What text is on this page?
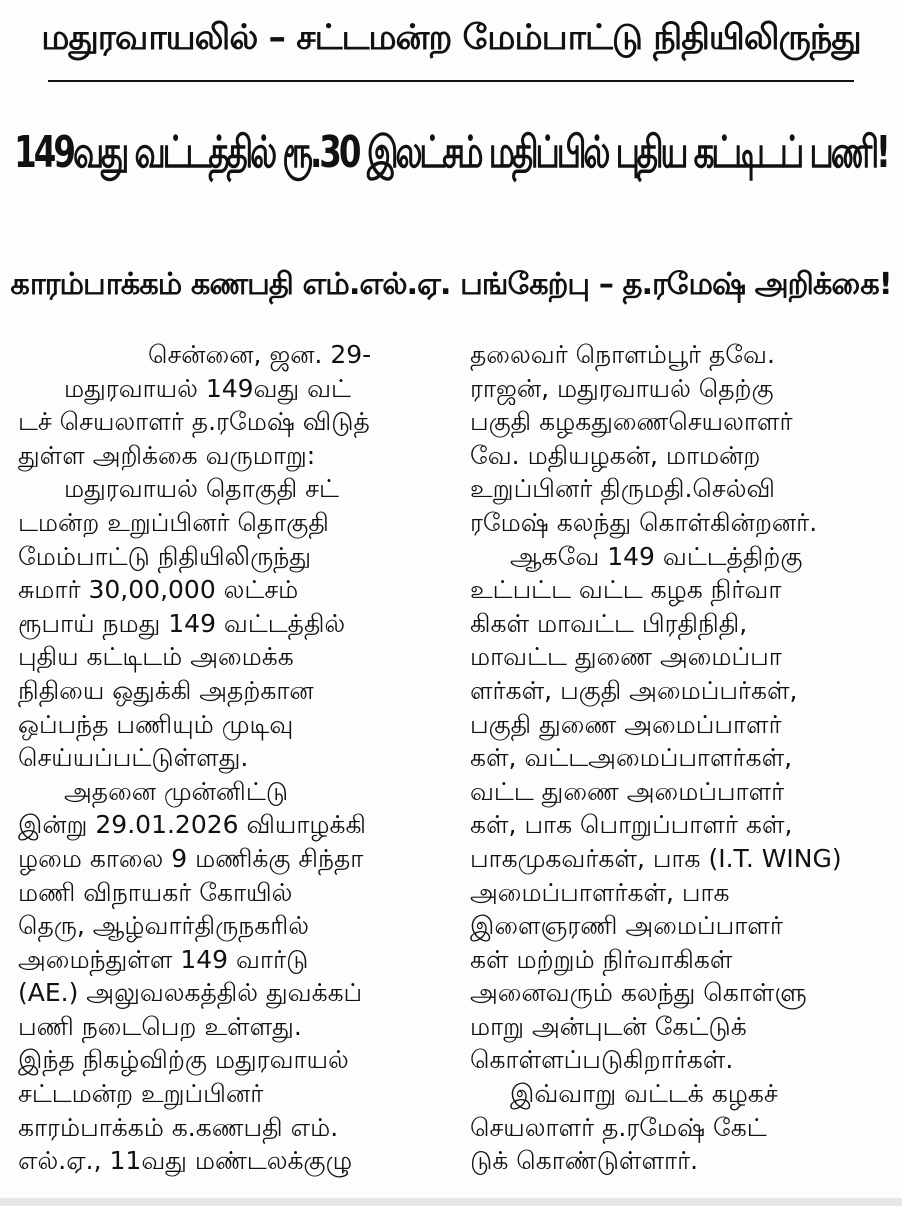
மதுரவாயலில் – சட்டமன்ற மேம்பாட்டு நிதியிலிருந்து
149வது வட்டத்தில் ரூ.30 இலட்சம் மதிப்பில் புதிய கட்டிடப் பணி!
காரம்பாக்கம் கணபதி எம்.எல்.ஏ. பங்கேற்பு – த.ரமேஷ் அறிக்கை!
சென்னை, ஜன. 29-
மதுரவாயல் 149வது வட்
டச் செயலாளர் த.ரமேஷ் விடுத்
துள்ள அறிக்கை வருமாறு:
மதுரவாயல் தொகுதி சட்
டமன்ற உறுப்பினர் தொகுதி
மேம்பாட்டு நிதியிலிருந்து
சுமார் 30,00,000 லட்சம்
ரூபாய் நமது 149 வட்டத்தில்
புதிய கட்டிடம் அமைக்க
நிதியை ஒதுக்கி அதற்கான
ஒப்பந்த பணியும் முடிவு
செய்யப்பட்டுள்ளது.
அதனை முன்னிட்டு
இன்று 29.01.2026 வியாழக்கி
ழமை காலை 9 மணிக்கு சிந்தா
மணி விநாயகர் கோயில்
தெரு, ஆழ்வார்திருநகரில்
அமைந்துள்ள 149 வார்டு
(AE.) அலுவலகத்தில் துவக்கப்
பணி நடைபெற உள்ளது.
இந்த நிகழ்விற்கு மதுரவாயல்
சட்டமன்ற உறுப்பினர்
காரம்பாக்கம் க.கணபதி எம்.
எல்.ஏ., 11வது மண்டலக்குழு
தலைவர் நொளம்பூர் தவே.
ராஜன், மதுரவாயல் தெற்கு
பகுதி கழகதுணைசெயலாளர்
வே. மதியழகன், மாமன்ற
உறுப்பினர் திருமதி.செல்வி
ரமேஷ் கலந்து கொள்கின்றனர்.
ஆகவே 149 வட்டத்திற்கு
உட்பட்ட வட்ட கழக நிர்வா
கிகள் மாவட்ட பிரதிநிதி,
மாவட்ட துணை அமைப்பா
ளர்கள், பகுதி அமைப்பர்கள்,
பகுதி துணை அமைப்பாளர்
கள், வட்டஅமைப்பாளர்கள்,
வட்ட துணை அமைப்பாளர்
கள், பாக பொறுப்பாளர் கள்,
பாகமுகவர்கள், பாக (I.T. WING)
அமைப்பாளர்கள், பாக
இளைஞரணி அமைப்பாளர்
கள் மற்றும் நிர்வாகிகள்
அனைவரும் கலந்து கொள்ளு
மாறு அன்புடன் கேட்டுக்
கொள்ளப்படுகிறார்கள்.
இவ்வாறு வட்டக் கழகச்
செயலாளர் த.ரமேஷ் கேட்
டுக் கொண்டுள்ளார்.
